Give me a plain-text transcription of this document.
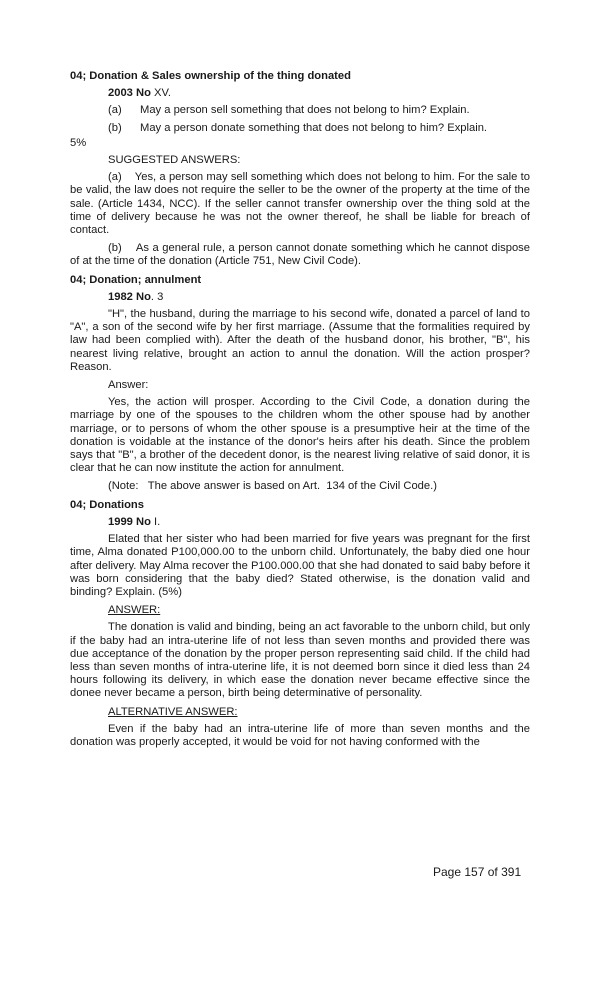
04; Donation & Sales ownership of the thing donated
2003 No XV.
(a) May a person sell something that does not belong to him? Explain.
(b) May a person donate something that does not belong to him? Explain.
5%
SUGGESTED ANSWERS:
(a)    Yes, a person may sell something which does not belong to him. For the sale to be valid, the law does not require the seller to be the owner of the property at the time of the sale. (Article 1434, NCC). If the seller cannot transfer ownership over the thing sold at the time of delivery because he was not the owner thereof, he shall be liable for breach of contact.
(b)    As a general rule, a person cannot donate something which he cannot dispose of at the time of the donation (Article 751, New Civil Code).
04; Donation; annulment
1982 No. 3
"H", the husband, during the marriage to his second wife, donated a parcel of land to "A", a son of the second wife by her first marriage. (Assume that the formalities required by law had been complied with). After the death of the husband donor, his brother, "B", his nearest living relative, brought an action to annul the donation. Will the action prosper? Reason.
Answer:
Yes, the action will prosper. According to the Civil Code, a donation during the marriage by one of the spouses to the children whom the other spouse had by another marriage, or to persons of whom the other spouse is a presumptive heir at the time of the donation is voidable at the instance of the donor's heirs after his death. Since the problem says that "B", a brother of the decedent donor, is the nearest living relative of said donor, it is clear that he can now institute the action for annulment.
(Note:   The above answer is based on Art.  134 of the Civil Code.)
04; Donations
1999 No I.
Elated that her sister who had been married for five years was pregnant for the first time, Alma donated P100,000.00 to the unborn child. Unfortunately, the baby died one hour after delivery. May Alma recover the P100.000.00 that she had donated to said baby before it was born considering that the baby died? Stated otherwise, is the donation valid and binding? Explain. (5%)
ANSWER:
The donation is valid and binding, being an act favorable to the unborn child, but only if the baby had an intra-uterine life of not less than seven months and provided there was due acceptance of the donation by the proper person representing said child. If the child had less than seven months of intra-uterine life, it is not deemed born since it died less than 24 hours following its delivery, in which ease the donation never became effective since the donee never became a person, birth being determinative of personality.
ALTERNATIVE ANSWER:
Even if the baby had an intra-uterine life of more than seven months and the donation was properly accepted, it would be void for not having conformed with the
Page 157 of 391
